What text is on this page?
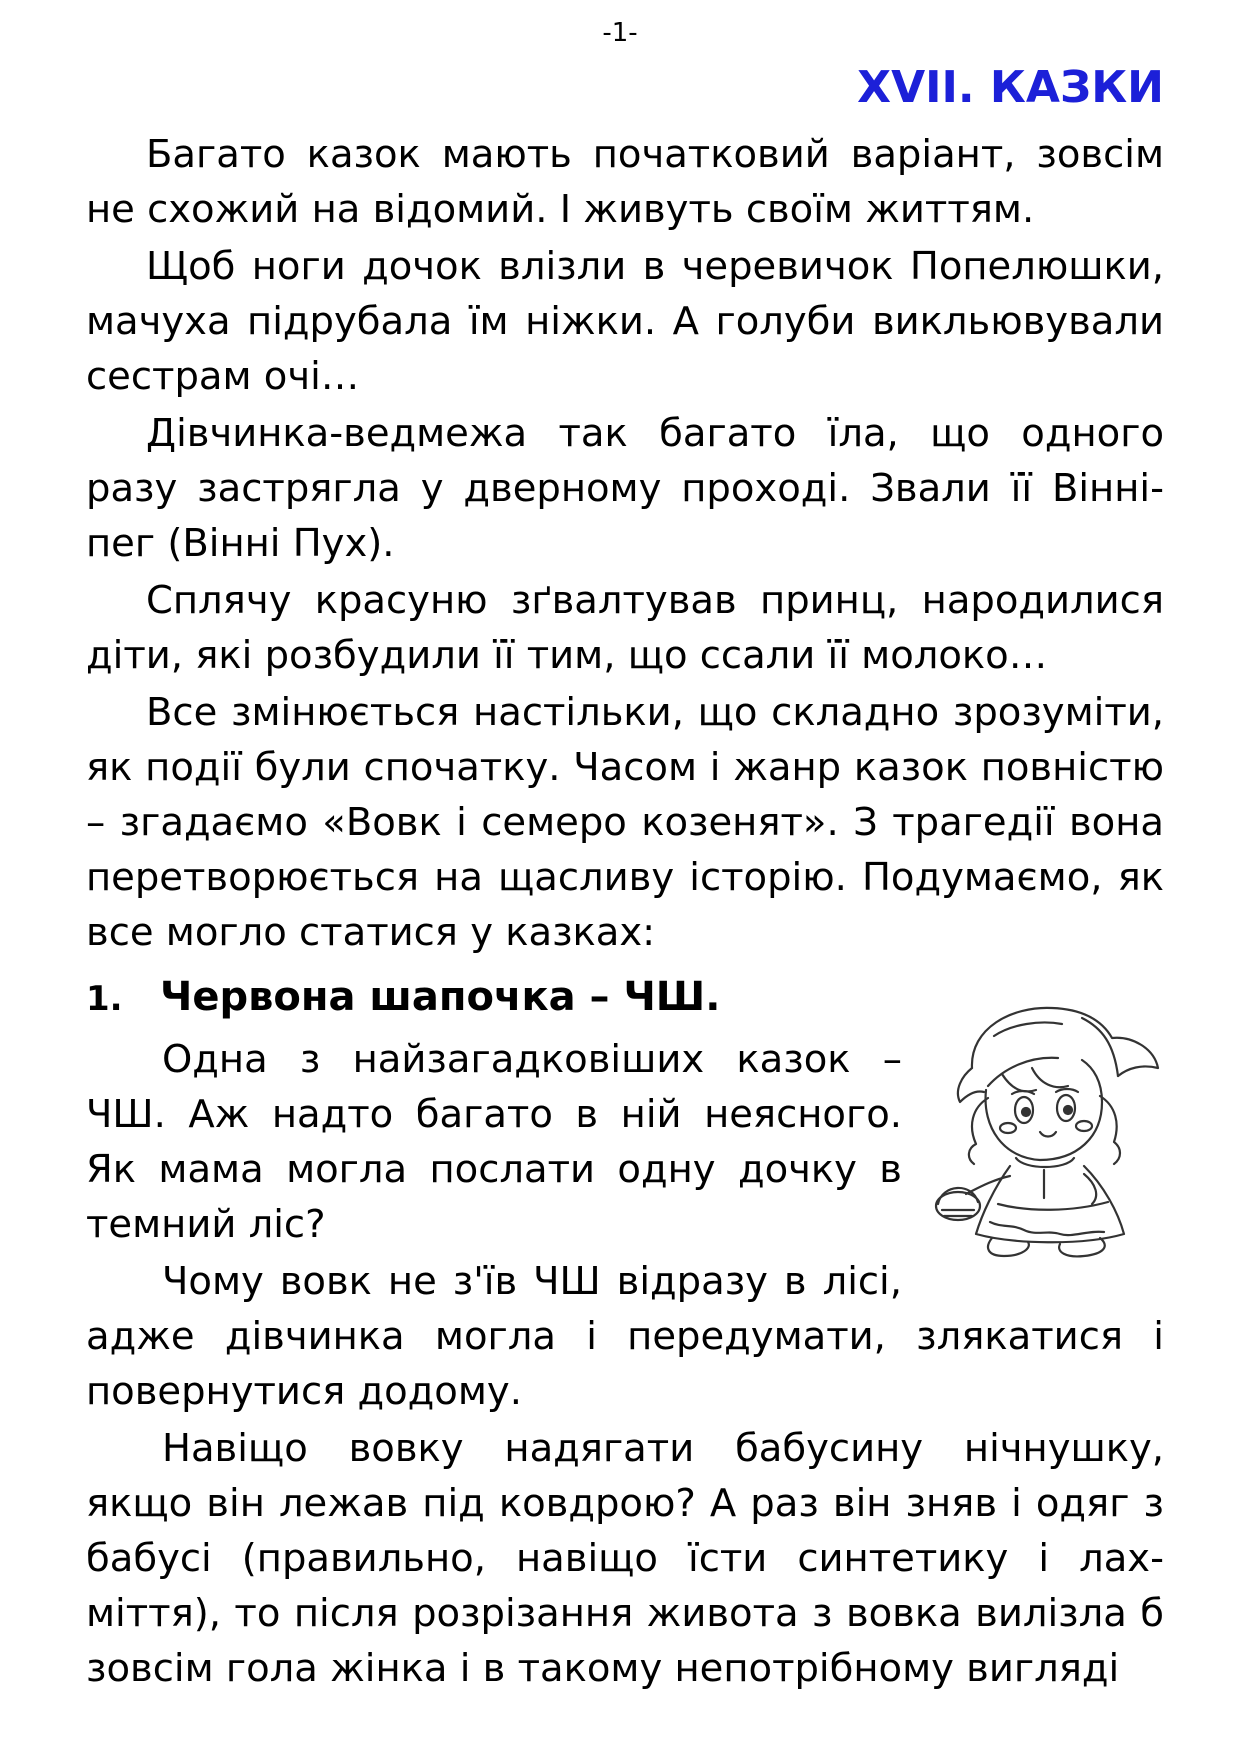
-1-
XVII. КАЗКИ

Багато казок мають початковий варіант, зовсім не схожий на відомий. І живуть своїм життям.

Щоб ноги дочок влізли в черевичок Попелюшки, мачуха підрубала їм ніжки. А голуби викльювували сестрам очі…

Дівчинка-ведмежа так багато їла, що одного разу застрягла у дверному проході. Звали її Вінніпег (Вінні Пух).

Сплячу красуню зґвалтував принц, народилися діти, які розбудили її тим, що ссали її молоко…

Все змінюється настільки, що складно зрозуміти, як події були спочатку. Часом і жанр казок повністю – згадаємо «Вовк і семеро козенят». З трагедії вона перетворюється на щасливу історію. Подумаємо, як все могло статися у казках:

1. Червона шапочка – ЧШ.

Одна з найзагадковіших казок – ЧШ. Аж надто багато в ній неясного. Як мама могла послати одну дочку в темний ліс?

Чому вовк не з'їв ЧШ відразу в лісі, адже дівчинка могла і передумати, злякатися і повернутися додому.

Навіщо вовку надягати бабусину нічнушку, якщо він лежав під ковдрою? А раз він зняв і одяг з бабусі (правильно, навіщо їсти синтетику і лахміття), то після розрізання живота з вовка вилізла б зовсім гола жінка і в такому непотрібному вигляді
